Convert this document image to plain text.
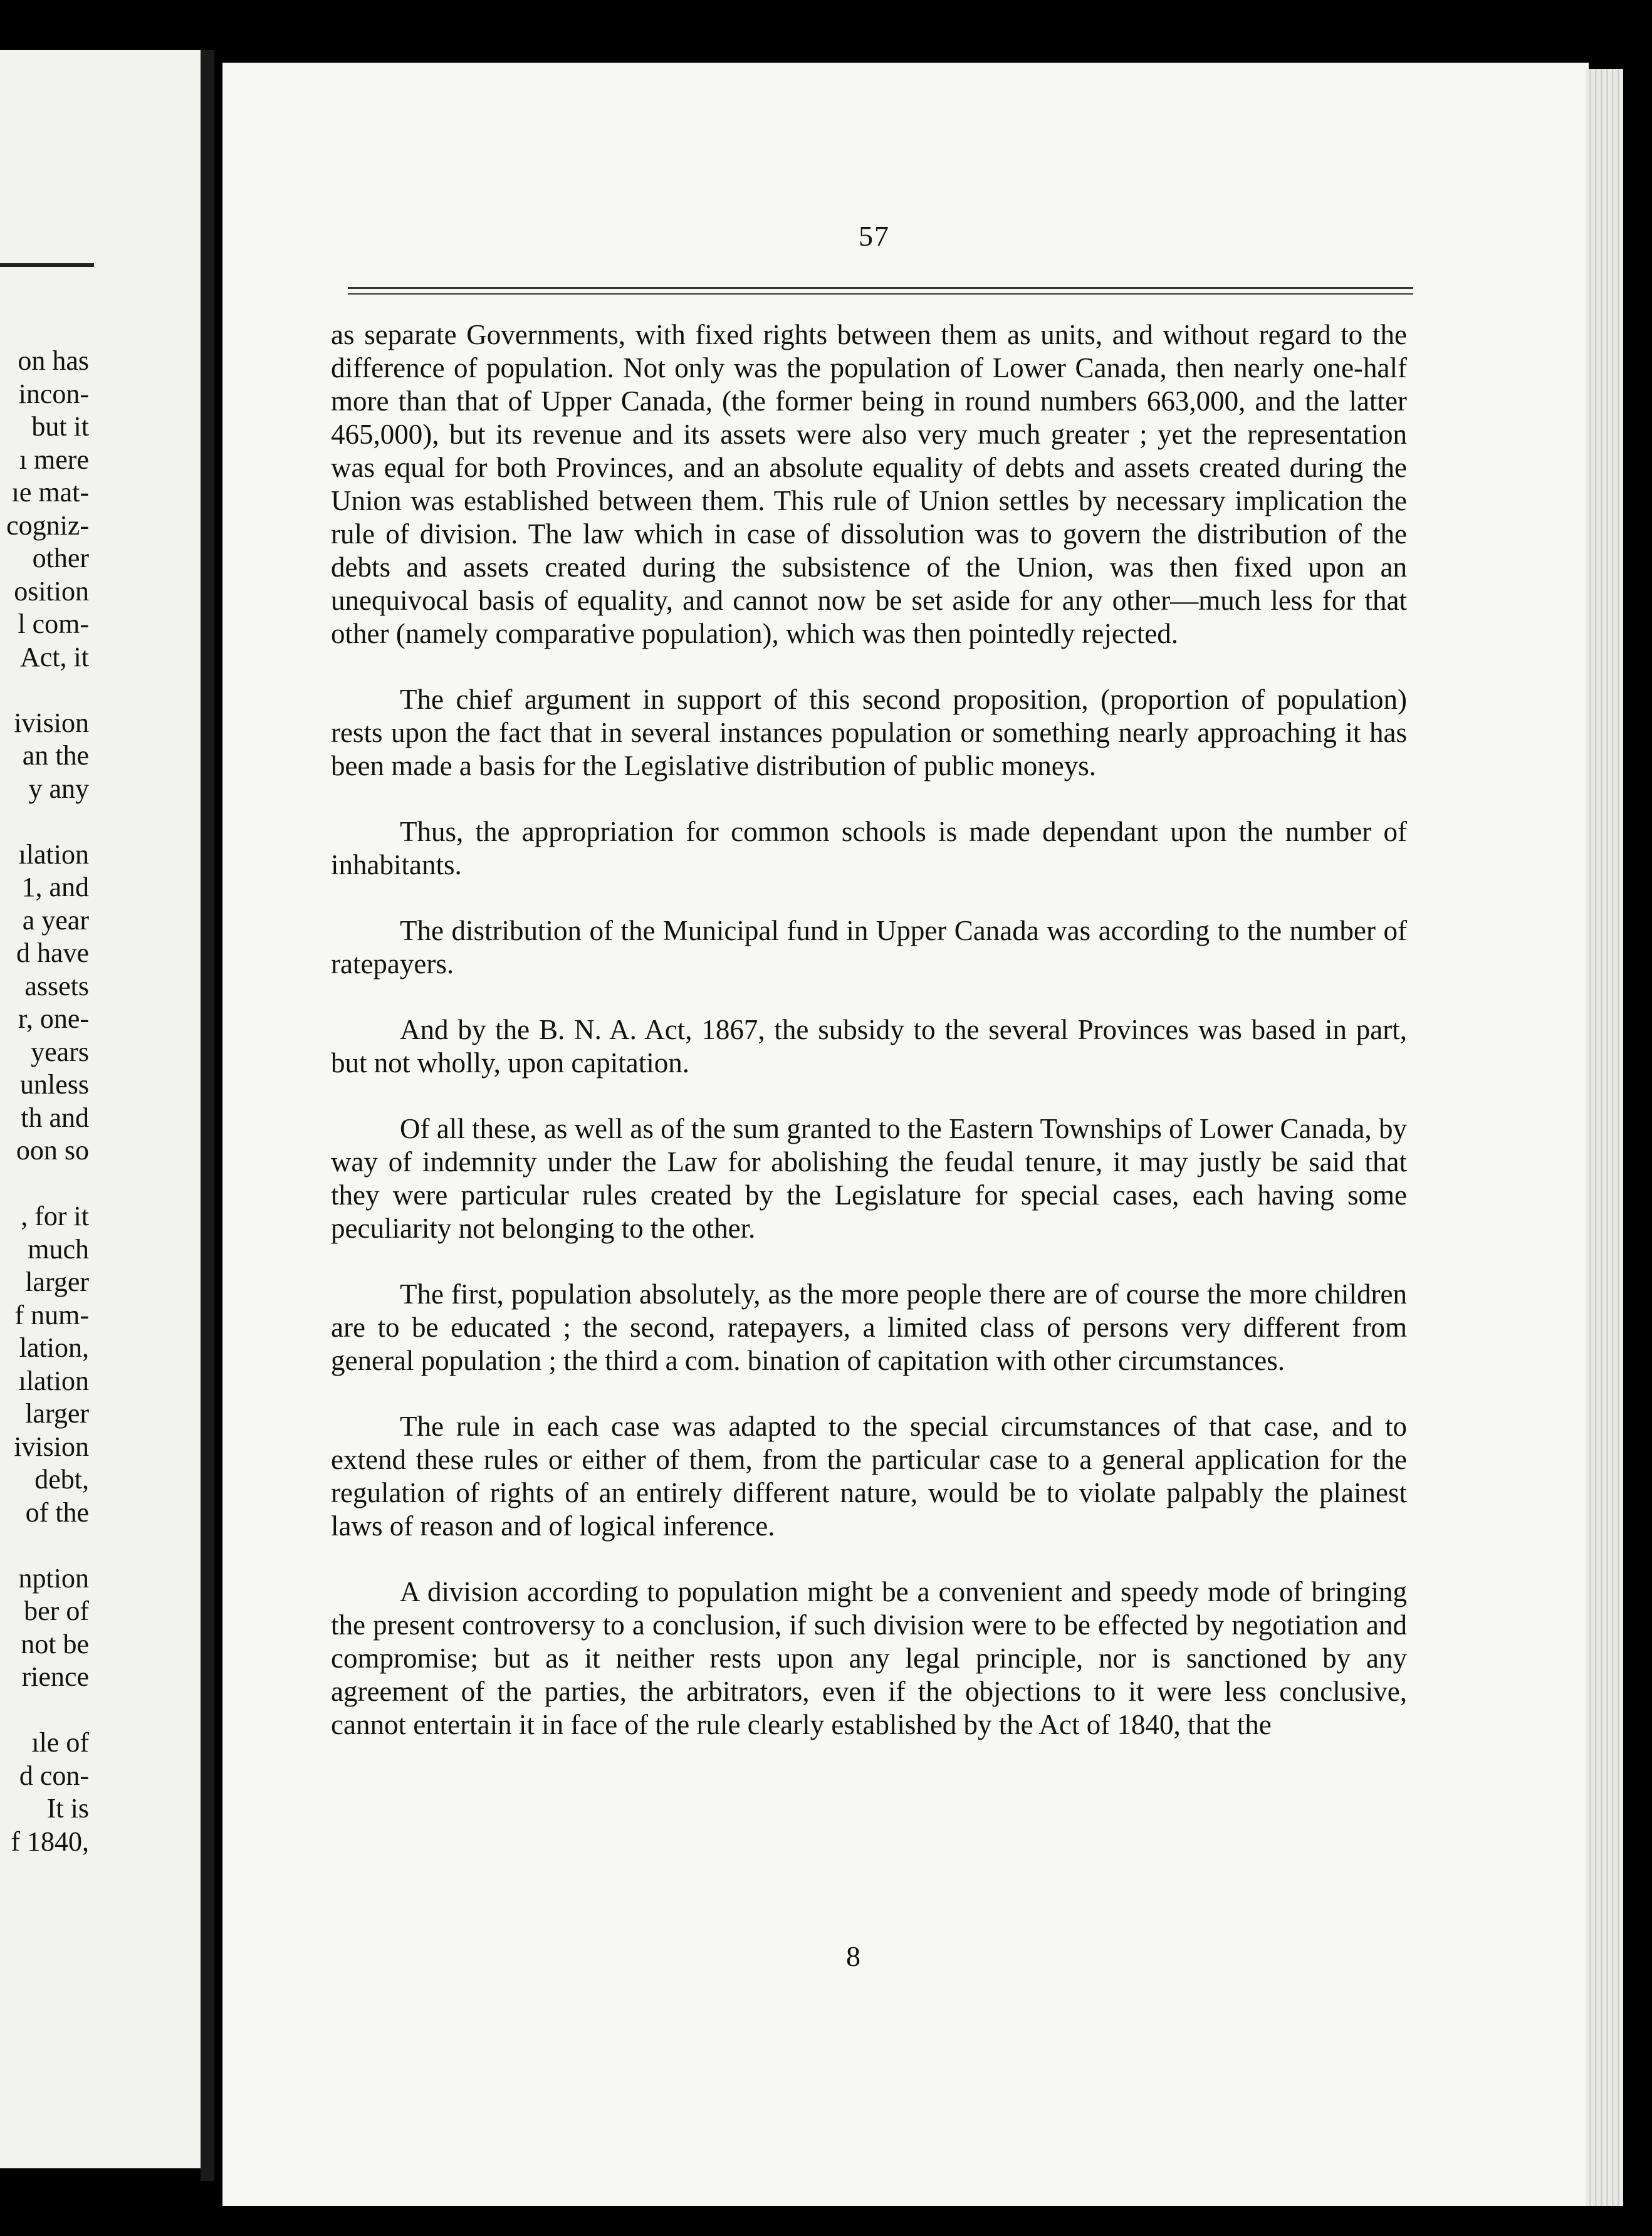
on has
incon-
but it
ı mere
ıe mat-
cogniz-
other
osition
l com-
Act, it
ivision
an the
y any
ılation
1, and
a year
d have
assets
r, one-
years
unless
th and
oon so
, for it
much
larger
f num-
lation,
ılation
larger
ivision
debt,
of the
nption
ber of
not be
rience
ıle of
d con-
It is
f 1840,
57

as separate Governments, with fixed rights between them as units, and without regard to the difference of population. Not only was the population of Lower Canada, then nearly one-half more than that of Upper Canada, (the former being in round numbers 663,000, and the latter 465,000), but its revenue and its assets were also very much greater ; yet the representation was equal for both Provinces, and an absolute equality of debts and assets created during the Union was established between them. This rule of Union settles by necessary implication the rule of division. The law which in case of dissolution was to govern the distribution of the debts and assets created during the subsistence of the Union, was then fixed upon an unequivocal basis of equality, and cannot now be set aside for any other—much less for that other (namely comparative population), which was then pointedly rejected.

The chief argument in support of this second proposition, (proportion of population) rests upon the fact that in several instances population or something nearly approaching it has been made a basis for the Legislative distribution of public moneys.

Thus, the appropriation for common schools is made dependant upon the number of inhabitants.

The distribution of the Municipal fund in Upper Canada was according to the number of ratepayers.

And by the B. N. A. Act, 1867, the subsidy to the several Provinces was based in part, but not wholly, upon capitation.

Of all these, as well as of the sum granted to the Eastern Townships of Lower Canada, by way of indemnity under the Law for abolishing the feudal tenure, it may justly be said that they were particular rules created by the Legislature for special cases, each having some peculiarity not belonging to the other.

The first, population absolutely, as the more people there are of course the more children are to be educated ; the second, ratepayers, a limited class of persons very different from general population ; the third a com. bination of capitation with other circumstances.

The rule in each case was adapted to the special circumstances of that case, and to extend these rules or either of them, from the particular case to a general application for the regulation of rights of an entirely different nature, would be to violate palpably the plainest laws of reason and of logical inference.

A division according to population might be a convenient and speedy mode of bringing the present controversy to a conclusion, if such division were to be effected by negotiation and compromise; but as it neither rests upon any legal principle, nor is sanctioned by any agreement of the parties, the arbitrators, even if the objections to it were less conclusive, cannot entertain it in face of the rule clearly established by the Act of 1840, that the

8
